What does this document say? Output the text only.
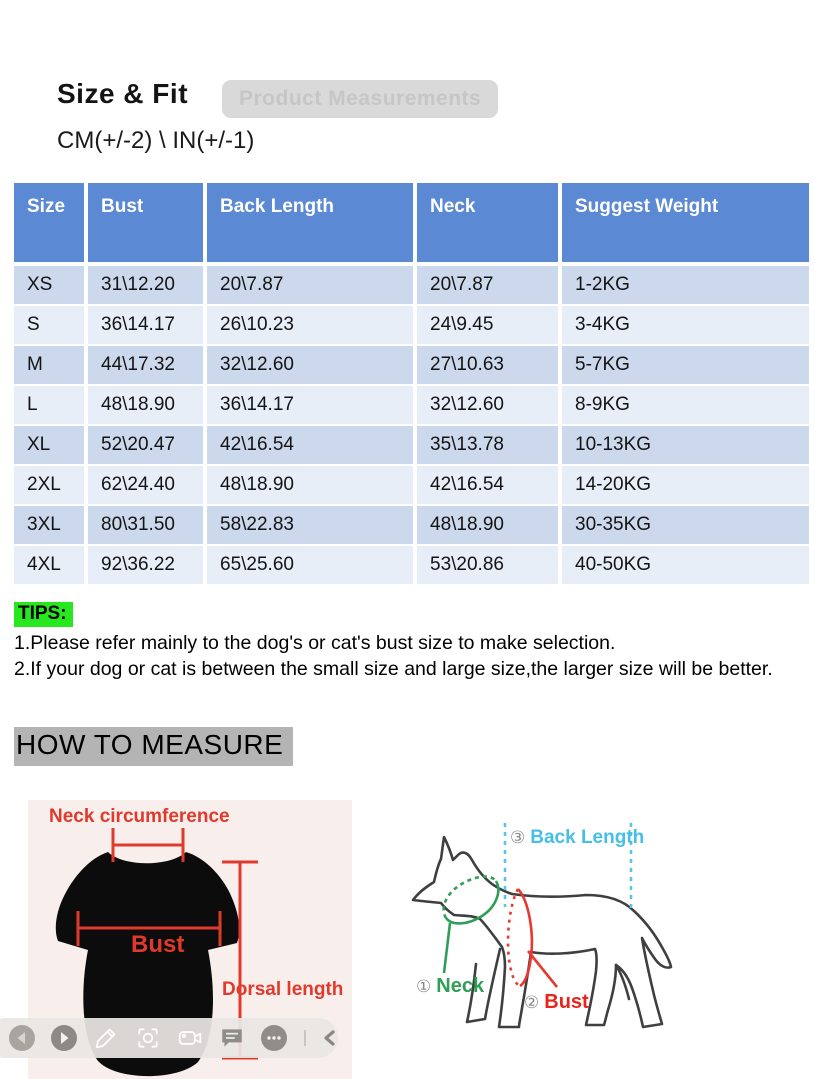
Size & Fit	Product Measurements
CM(+/-2) \ IN(+/-1)
Size	Bust	Back Length	Neck	Suggest Weight
XS	31\12.20	20\7.87	20\7.87	1-2KG
S	36\14.17	26\10.23	24\9.45	3-4KG
M	44\17.32	32\12.60	27\10.63	5-7KG
L	48\18.90	36\14.17	32\12.60	8-9KG
XL	52\20.47	42\16.54	35\13.78	10-13KG
2XL	62\24.40	48\18.90	42\16.54	14-20KG
3XL	80\31.50	58\22.83	48\18.90	30-35KG
4XL	92\36.22	65\25.60	53\20.86	40-50KG
TIPS:
1.Please refer mainly to the dog's or cat's bust size to make selection.
2.If your dog or cat is between the small size and large size,the larger size will be better.
HOW TO MEASURE
Neck circumference
Bust
Dorsal length
③ Back Length
① Neck
② Bust
